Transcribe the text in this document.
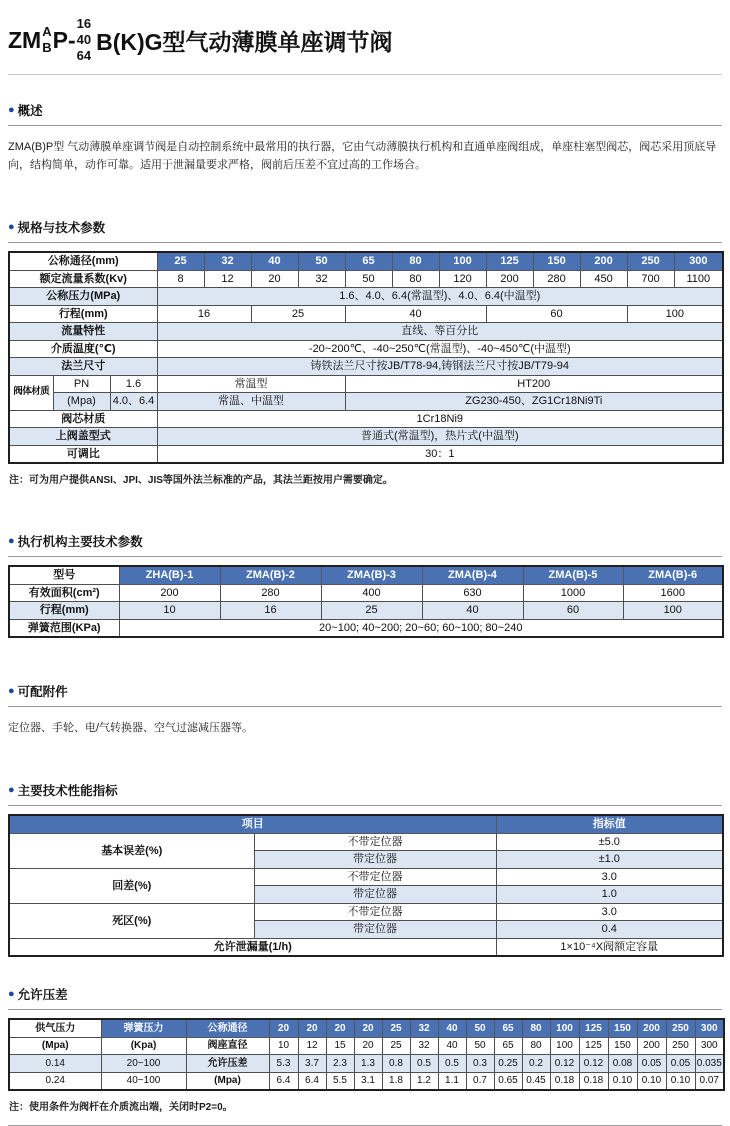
ZM A
B P-
16
40
64
B(K)G型气动薄膜单座调节阀
● 概述

ZMA(B)P型 气动薄膜单座调节阀是自动控制系统中最常用的执行器，它由气动薄膜执行机构和直通单座阀组成，单座柱塞型阀芯，阀芯采用顶底导向，结构简单，动作可靠。适用于泄漏量要求严格，阀前后压差不宜过高的工作场合。

● 规格与技术参数
公称通径(mm)			25	32	40	50	65	80	100	125	150	200	250	300
额定流量系数(Kv)			8	12	20	32	50	80	120	200	280	450	700	1100
公称压力(MPa)			1.6、4.0、6.4(常温型)、4.0、6.4(中温型)											
行程(mm)			16		25		40			60			100	
流量特性			直线、等百分比											
介质温度(℃)			-20~200℃、-40~250℃(常温型)、-40~450℃(中温型)											
法兰尺寸			铸铁法兰尺寸按JB/T78-94,铸钢法兰尺寸按JB/T79-94											
阀体材质	PN	1.6	常温型				HT200							
	(Mpa)	4.0、6.4	常温、中温型				ZG230-450、ZG1Cr18Ni9Ti							
阀芯材质			1Cr18Ni9											
上阀盖型式			普通式(常温型)，热片式(中温型)											
可调比			30：1											

注：可为用户提供ANSI、JPI、JIS等国外法兰标准的产品，其法兰距按用户需要确定。

● 执行机构主要技术参数
型号	ZHA(B)-1	ZMA(B)-2	ZMA(B)-3	ZMA(B)-4	ZMA(B)-5	ZMA(B)-6
有效面积(cm²)	200	280	400	630	1000	1600
行程(mm)	10	16	25	40	60	100
弹簧范围(KPa)	20~100; 40~200; 20~60; 60~100; 80~240					
● 可配附件

定位器、手轮、电/气转换器、空气过滤减压器等。

● 主要技术性能指标
项目		指标值
基本误差(%)	不带定位器	±5.0
	带定位器	±1.0
回差(%)	不带定位器	3.0
	带定位器	1.0
死区(%)	不带定位器	3.0
	带定位器	0.4
允许泄漏量(1/h)		1×10⁻⁴X阀额定容量
● 允许压差
供气压力	弹簧压力	公称通径	20	20	20	20	25	32	40	50	65	80	100	125	150	200	250	300
(Mpa)	(Kpa)	阀座直径	10	12	15	20	25	32	40	50	65	80	100	125	150	200	250	300
0.14	20~100	允许压差	5.3	3.7	2.3	1.3	0.8	0.5	0.5	0.3	0.25	0.2	0.12	0.12	0.08	0.05	0.05	0.035
0.24	40~100	(Mpa)	6.4	6.4	5.5	3.1	1.8	1.2	1.1	0.7	0.65	0.45	0.18	0.18	0.10	0.10	0.10	0.07

注：使用条件为阀杆在介质流出端，关闭时P2=0。
